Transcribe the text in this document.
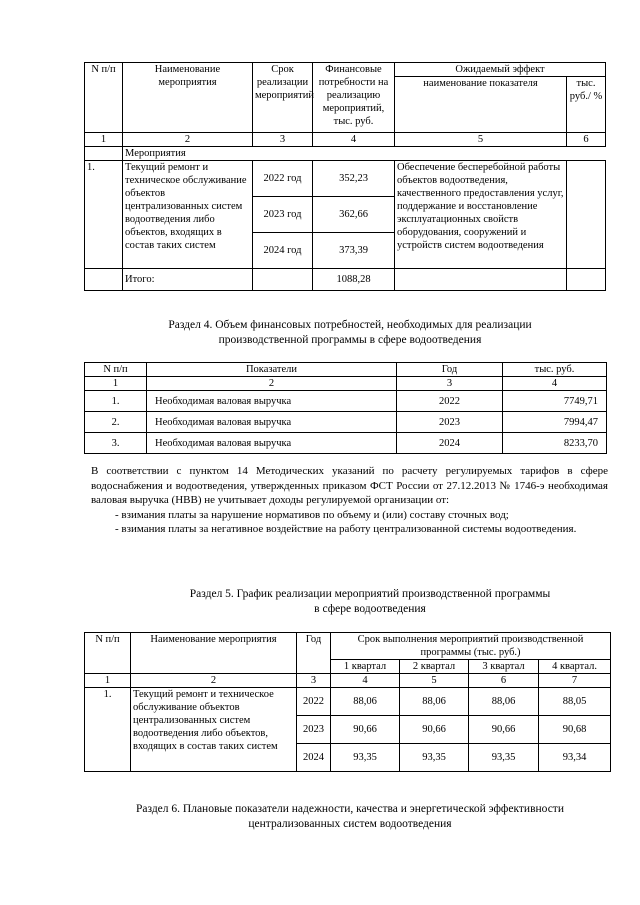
N п/п	Наименование мероприятия	Срок реализации мероприятий	Финансовые потребности на реализацию мероприятий, тыс. руб.	Ожидаемый эффект	
				наименование показателя	тыс. руб./ %
1	2	3	4	5	6
	Мероприятия				
1.	Текущий ремонт и техническое обслуживание объектов централизованных систем водоотведения либо объектов, входящих в состав таких систем	2022 год	352,23	Обеспечение бесперебойной работы объектов водоотведения, качественного предоставления услуг, поддержание и восстановление эксплуатационных свойств оборудования, сооружений и устройств систем водоотведения	
		2023 год	362,66		
		2024 год	373,39		
	Итого:		1088,28		
Раздел 4. Объем финансовых потребностей, необходимых для реализации
производственной программы в сфере водоотведения
N п/п	Показатели	Год	тыс. руб.
1	2	3	4
1.	Необходимая валовая выручка	2022	7749,71
2.	Необходимая валовая выручка	2023	7994,47
3.	Необходимая валовая выручка	2024	8233,70

В соответствии с пунктом 14 Методических указаний по расчету регулируемых тарифов в сфере водоснабжения и водоотведения, утвержденных приказом ФСТ России от 27.12.2013 № 1746-э необходимая валовая выручка (НВВ) не учитывает доходы регулируемой организации от:

- взимания платы за нарушение нормативов по объему и (или) составу сточных вод;

- взимания платы за негативное воздействие на работу централизованной системы водоотведения.

Раздел 5. График реализации мероприятий производственной программы
в сфере водоотведения
N п/п	Наименование мероприятия	Год	Срок выполнения мероприятий производственной программы (тыс. руб.)			
			1 квартал	2 квартал	3 квартал	4 квартал.
1	2	3	4	5	6	7
1.	Текущий ремонт и техническое обслуживание объектов централизованных систем водоотведения либо объектов, входящих в состав таких систем	2022	88,06	88,06	88,06	88,05
		2023	90,66	90,66	90,66	90,68
		2024	93,35	93,35	93,35	93,34
Раздел 6. Плановые показатели надежности, качества и энергетической эффективности
централизованных систем водоотведения
